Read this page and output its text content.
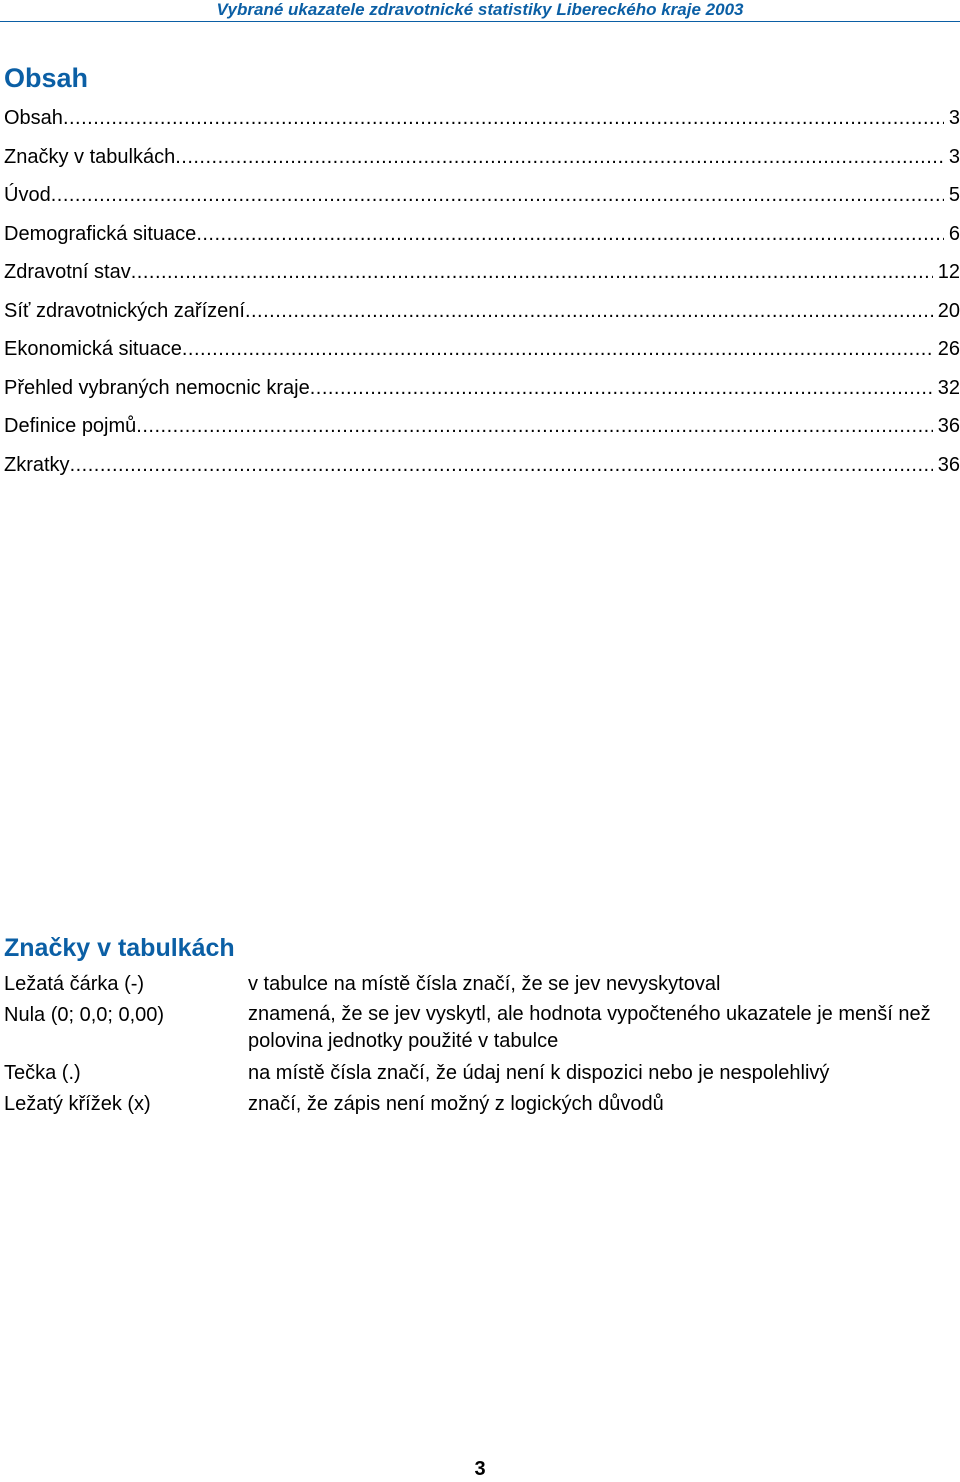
Vybrané ukazatele zdravotnické statistiky Libereckého kraje 2003
Obsah
Obsah .....	3
Značky v tabulkách .....	3
Úvod .....	5
Demografická situace .....	6
Zdravotní stav .....	12
Síť zdravotnických zařízení .....	20
Ekonomická situace .....	26
Přehled vybraných nemocnic kraje .....	32
Definice pojmů .....	36
Zkratky .....	36
Značky v tabulkách
Ležatá čárka (-)	v tabulce na místě čísla značí, že se jev nevyskytoval
Nula (0; 0,0; 0,00)	znamená, že se jev vyskytl, ale hodnota vypočteného ukazatele je menší než polovina jednotky použité v tabulce
Tečka (.)	na místě čísla značí, že údaj není k dispozici nebo je nespolehlivý
Ležatý křížek (x)	značí, že zápis není možný z logických důvodů
3
